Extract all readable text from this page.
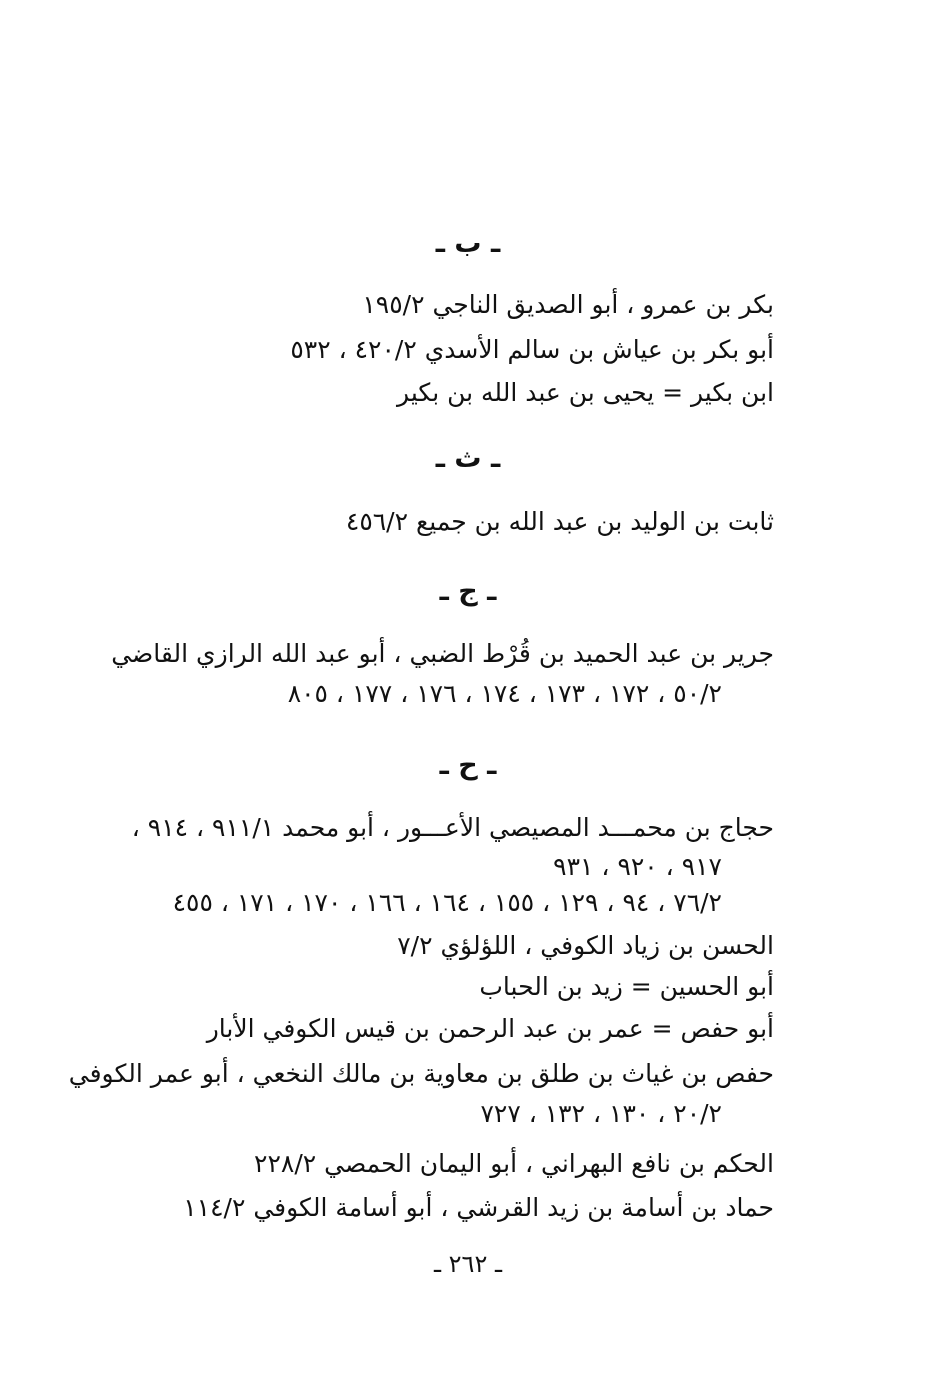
ـ ب ـ
بكر بن عمرو ، أبو الصديق الناجي ١٩٥/٢
أبو بكر بن عياش بن سالم الأسدي ٤٢٠/٢ ، ٥٣٢
ابن بكير = يحيى بن عبد الله بن بكير
ـ ث ـ
ثابت بن الوليد بن عبد الله بن جميع ٤٥٦/٢
ـ ج ـ
جرير بن عبد الحميد بن قُرْط الضبي ، أبو عبد الله الرازي القاضي
٥٠/٢ ، ١٧٢ ، ١٧٣ ، ١٧٤ ، ١٧٦ ، ١٧٧ ، ٨٠٥
ـ ح ـ
حجاج بن محمـــد المصيصي الأعـــور ، أبو محمد ٩١١/١ ، ٩١٤ ،
٩١٧ ، ٩٢٠ ، ٩٣١
٧٦/٢ ، ٩٤ ، ١٢٩ ، ١٥٥ ، ١٦٤ ، ١٦٦ ، ١٧٠ ، ١٧١ ، ٤٥٥
الحسن بن زياد الكوفي ، اللؤلؤي ٧/٢
أبو الحسين = زيد بن الحباب
أبو حفص = عمر بن عبد الرحمن بن قيس الكوفي الأبار
حفص بن غياث بن طلق بن معاوية بن مالك النخعي ، أبو عمر الكوفي
٢٠/٢ ، ١٣٠ ، ١٣٢ ، ٧٢٧
الحكم بن نافع البهراني ، أبو اليمان الحمصي ٢٢٨/٢
حماد بن أسامة بن زيد القرشي ، أبو أسامة الكوفي ١١٤/٢
ـ ٢٦٢ ـ
